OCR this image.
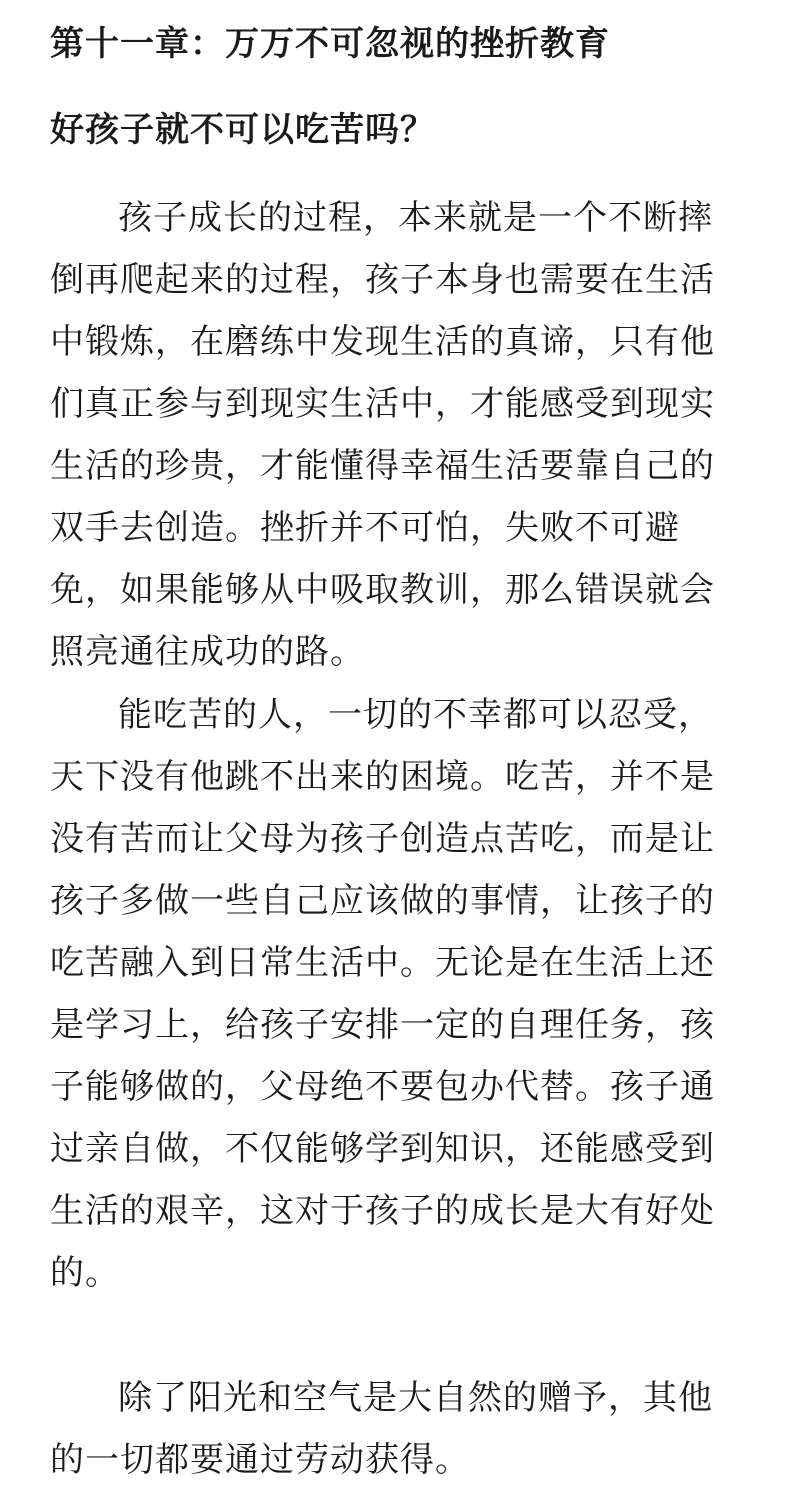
第十一章：万万不可忽视的挫折教育
好孩子就不可以吃苦吗？

孩子成长的过程，本来就是一个不断摔倒再爬起来的过程，孩子本身也需要在生活中锻炼，在磨练中发现生活的真谛，只有他们真正参与到现实生活中，才能感受到现实生活的珍贵，才能懂得幸福生活要靠自己的双手去创造。挫折并不可怕，失败不可避免，如果能够从中吸取教训，那么错误就会照亮通往成功的路。

能吃苦的人，一切的不幸都可以忍受，天下没有他跳不出来的困境。吃苦，并不是没有苦而让父母为孩子创造点苦吃，而是让孩子多做一些自己应该做的事情，让孩子的吃苦融入到日常生活中。无论是在生活上还是学习上，给孩子安排一定的自理任务，孩子能够做的，父母绝不要包办代替。孩子通过亲自做，不仅能够学到知识，还能感受到生活的艰辛，这对于孩子的成长是大有好处的。

除了阳光和空气是大自然的赠予，其他的一切都要通过劳动获得。
